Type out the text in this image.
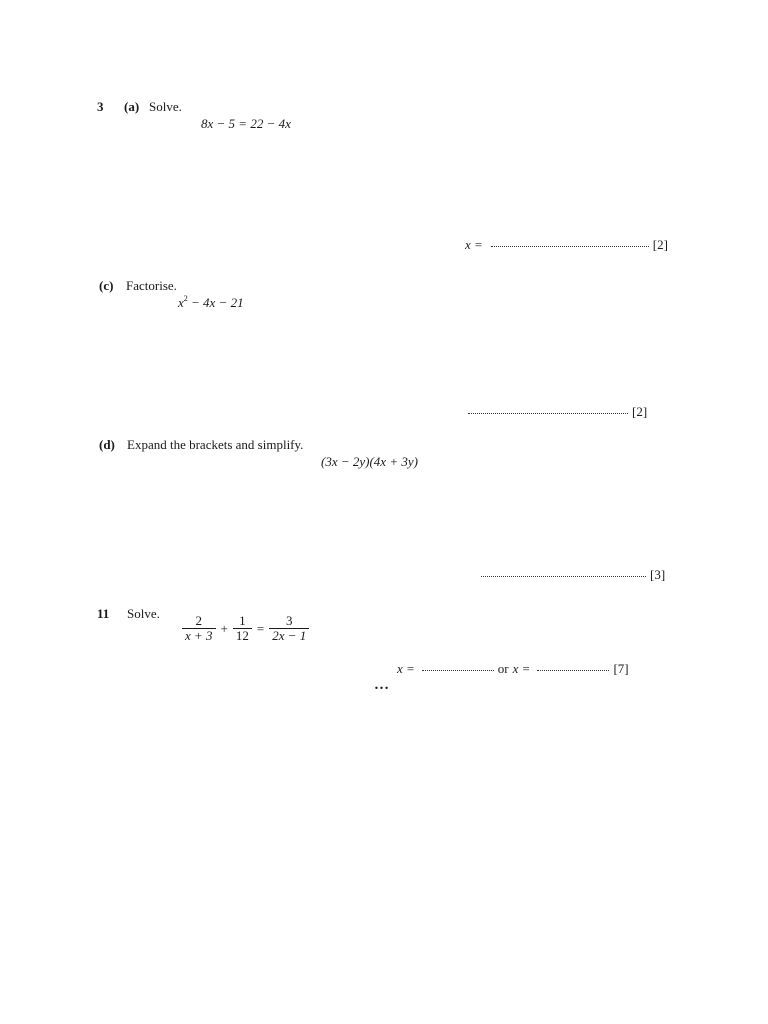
3 (a) Solve.
8x − 5 = 22 − 4x
x =	[2]
(c) Factorise.
$x^2 - 4x - 21$
[2]
(d) Expand the brackets and simplify.
(3x − 2y)(4x + 3y)
[3]
11 Solve.
$\frac{2}{x + 3} + \frac{1}{12} = \frac{3}{2x - 1}$
x =	or x =	[7]
…
